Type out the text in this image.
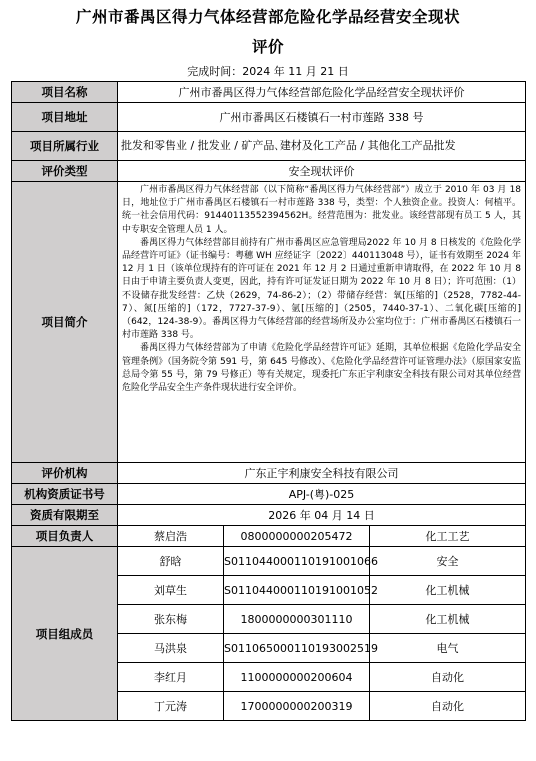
广州市番禺区得力气体经营部危险化学品经营安全现状
评价
完成时间：2024 年 11 月 21 日
项目名称	广州市番禺区得力气体经营部危险化学品经营安全现状评价		
项目地址	广州市番禺区石楼镇石一村市莲路 338 号		
项目所属行业	批发和零售业 / 批发业 / 矿产品､建材及化工产品 / 其他化工产品批发		
评价类型	安全现状评价		
项目简介	广州市番禺区得力气体经营部（以下简称“番禺区得力气体经营部”）成立于 2010 年 03 月 18 日，地址位于广州市番禺区石楼镇石一村市莲路 338 号，类型：个人独资企业。投资人：何植平。统一社会信用代码：91440113552394562H。经营范围为：批发业。该经营部现有员工 5 人，其中专职安全管理人员 1 人。

番禺区得力气体经营部目前持有广州市番禺区应急管理局2022 年 10 月 8 日核发的《危险化学品经营许可证》（证书编号：粤穗 WH 应经证字〔2022〕440113048 号），证书有效期至 2024 年 12 月 1 日（该单位现持有的许可证在 2021 年 12 月 2 日通过重新申请取得，在 2022 年 10 月 8 日由于申请主要负责人变更，因此，持有许可证发证日期为 2022 年 10 月 8 日）；许可范围：（1）不设储存批发经营：乙炔（2629，74-86-2）；（2）带储存经营：氧[压缩的]（2528，7782-44-7）、氮[压缩的]（172，7727-37-9）、氩[压缩的]（2505，7440-37-1）、二氧化碳[压缩的]（642，124-38-9）。番禺区得力气体经营部的经营场所及办公室均位于：广州市番禺区石楼镇石一村市莲路 338 号。

番禺区得力气体经营部为了申请《危险化学品经营许可证》延期，其单位根据《危险化学品安全管理条例》（国务院令第 591 号，第 645 号修改）、《危险化学品经营许可证管理办法》（原国家安监总局令第 55 号，第 79 号修正）等有关规定，现委托广东正宇利康安全科技有限公司对其单位经营危险化学品安全生产条件现状进行安全评价。		

评价机构	广东正宇利康安全科技有限公司		
机构资质证书号	APJ-(粤)-025		
资质有限期至	2026 年 04 月 14 日		
项目负责人	蔡启浩	0800000000205472	化工工艺
项目组成员	舒晗	S011044000110191001066	安全
	刘草生	S011044000110191001052	化工机械
	张东梅	1800000000301110	化工机械
	马洪泉	S011065000110193002519	电气
	李红月	1100000000200604	自动化
	丁元涛	1700000000200319	自动化
